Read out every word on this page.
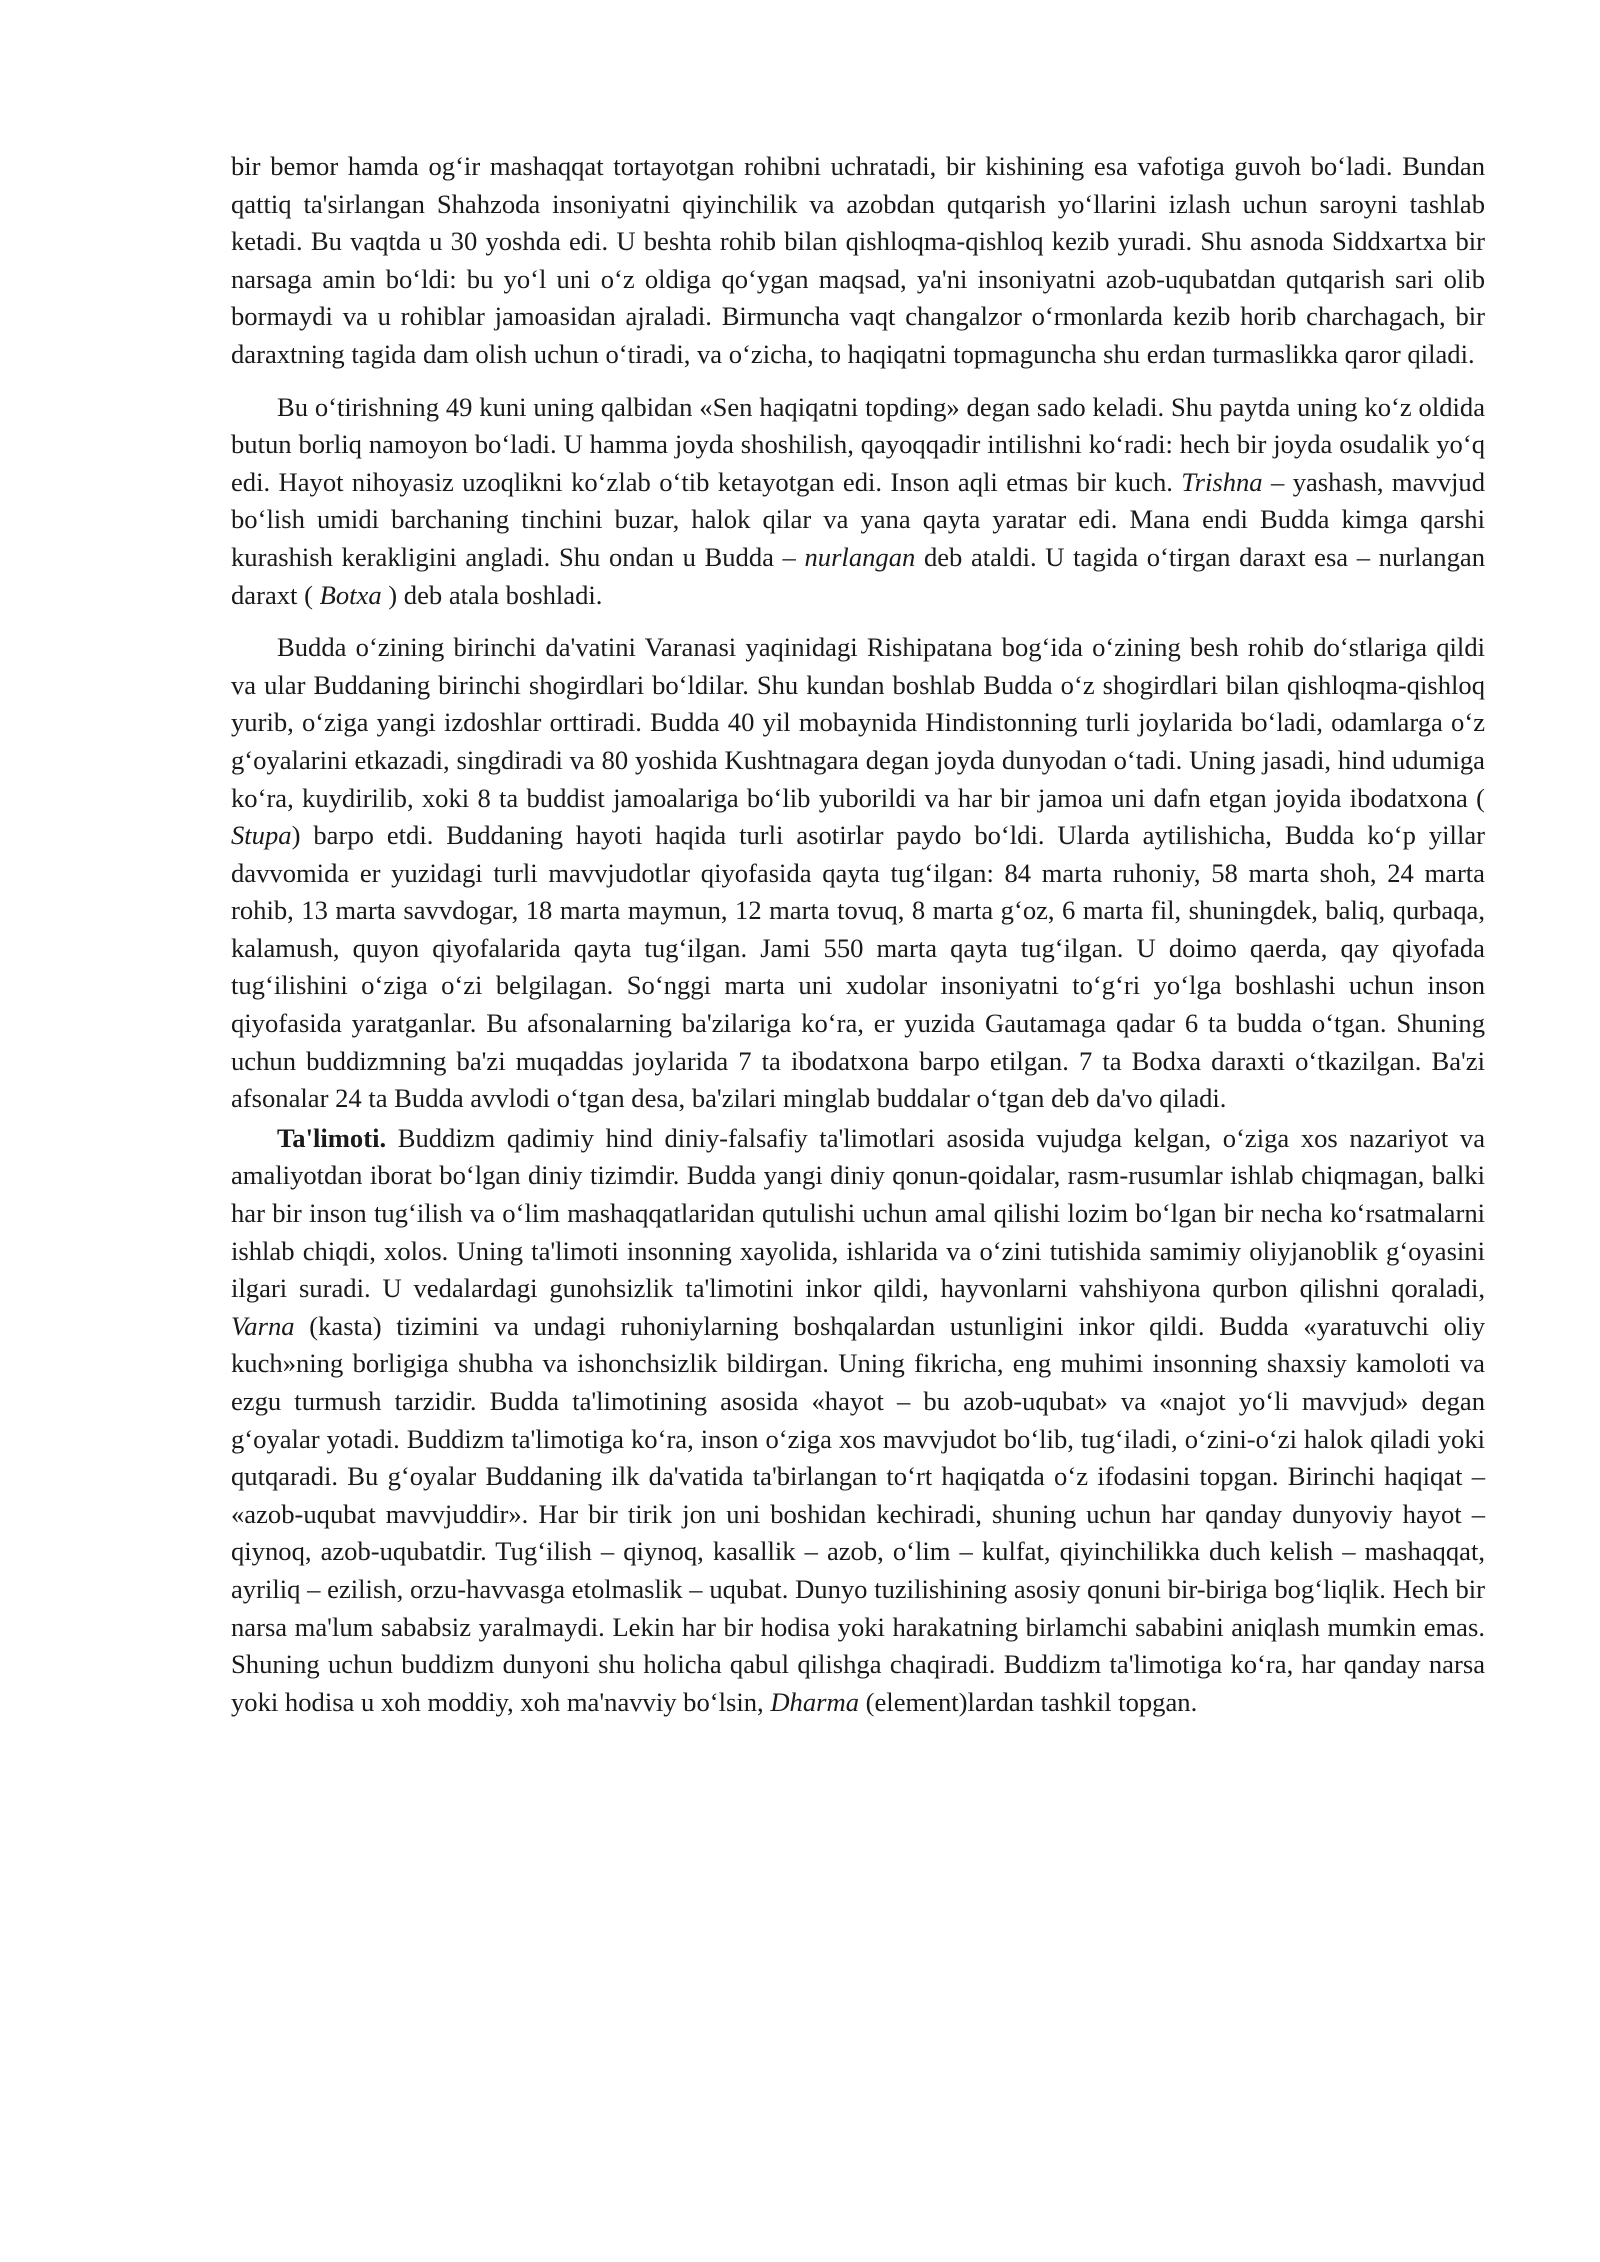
bir bemor hamda og‘ir mashaqqat tortayotgan rohibni uchratadi, bir kishining esa vafotiga guvoh bo‘ladi. Bundan qattiq ta'sirlangan Shahzoda insoniyatni qiyinchilik va azobdan qutqarish yo‘llarini izlash uchun saroyni tashlab ketadi. Bu vaqtda u 30 yoshda edi. U beshta rohib bilan qishloqma-qishloq kezib yuradi. Shu asnoda Siddxartxa bir narsaga amin bo‘ldi: bu yo‘l uni o‘z oldiga qo‘ygan maqsad, ya'ni insoniyatni azob-uqubatdan qutqarish sari olib bormaydi va u rohiblar jamoasidan ajraladi. Birmuncha vaqt changalzor o‘rmonlarda kezib horib charchagach, bir daraxtning tagida dam olish uchun o‘tiradi, va o‘zicha, to haqiqatni topmaguncha shu erdan turmaslikka qaror qiladi.

Bu o‘tirishning 49 kuni uning qalbidan «Sen haqiqatni topding» degan sado keladi. Shu paytda uning ko‘z oldida butun borliq namoyon bo‘ladi. U hamma joyda shoshilish, qayoqqadir intilishni ko‘radi: hech bir joyda osudalik yo‘q edi. Hayot nihoyasiz uzoqlikni ko‘zlab o‘tib ketayotgan edi. Inson aqli etmas bir kuch. Trishna – yashash, mavvjud bo‘lish umidi barchaning tinchini buzar, halok qilar va yana qayta yaratar edi. Mana endi Budda kimga qarshi kurashish kerakligini angladi. Shu ondan u Budda – nurlangan deb ataldi. U tagida o‘tirgan daraxt esa – nurlangan daraxt ( Botxa ) deb atala boshladi.

Budda o‘zining birinchi da'vatini Varanasi yaqinidagi Rishipatana bog‘ida o‘zining besh rohib do‘stlariga qildi va ular Buddaning birinchi shogirdlari bo‘ldilar. Shu kundan boshlab Budda o‘z shogirdlari bilan qishloqma-qishloq yurib, o‘ziga yangi izdoshlar orttiradi. Budda 40 yil mobaynida Hindistonning turli joylarida bo‘ladi, odamlarga o‘z g‘oyalarini etkazadi, singdiradi va 80 yoshida Kushtnagara degan joyda dunyodan o‘tadi. Uning jasadi, hind udumiga ko‘ra, kuydirilib, xoki 8 ta buddist jamoalariga bo‘lib yuborildi va har bir jamoa uni dafn etgan joyida ibodatxona ( Stupa) barpo etdi. Buddaning hayoti haqida turli asotirlar paydo bo‘ldi. Ularda aytilishicha, Budda ko‘p yillar davvomida er yuzidagi turli mavvjudotlar qiyofasida qayta tug‘ilgan: 84 marta ruhoniy, 58 marta shoh, 24 marta rohib, 13 marta savvdogar, 18 marta maymun, 12 marta tovuq, 8 marta g‘oz, 6 marta fil, shuningdek, baliq, qurbaqa, kalamush, quyon qiyofalarida qayta tug‘ilgan. Jami 550 marta qayta tug‘ilgan. U doimo qaerda, qay qiyofada tug‘ilishini o‘ziga o‘zi belgilagan. So‘nggi marta uni xudolar insoniyatni to‘g‘ri yo‘lga boshlashi uchun inson qiyofasida yaratganlar. Bu afsonalarning ba'zilariga ko‘ra, er yuzida Gautamaga qadar 6 ta budda o‘tgan. Shuning uchun buddizmning ba'zi muqaddas joylarida 7 ta ibodatxona barpo etilgan. 7 ta Bodxa daraxti o‘tkazilgan. Ba'zi afsonalar 24 ta Budda avvlodi o‘tgan desa, ba'zilari minglab buddalar o‘tgan deb da'vo qiladi.

Ta'limoti. Buddizm qadimiy hind diniy-falsafiy ta'limotlari asosida vujudga kelgan, o‘ziga xos nazariyot va amaliyotdan iborat bo‘lgan diniy tizimdir. Budda yangi diniy qonun-qoidalar, rasm-rusumlar ishlab chiqmagan, balki har bir inson tug‘ilish va o‘lim mashaqqatlaridan qutulishi uchun amal qilishi lozim bo‘lgan bir necha ko‘rsatmalarni ishlab chiqdi, xolos. Uning ta'limoti insonning xayolida, ishlarida va o‘zini tutishida samimiy oliyjanoblik g‘oyasini ilgari suradi. U vedalardagi gunohsizlik ta'limotini inkor qildi, hayvonlarni vahshiyona qurbon qilishni qoraladi, Varna (kasta) tizimini va undagi ruhoniylarning boshqalardan ustunligini inkor qildi. Budda «yaratuvchi oliy kuch»ning borligiga shubha va ishonchsizlik bildirgan. Uning fikricha, eng muhimi insonning shaxsiy kamoloti va ezgu turmush tarzidir. Budda ta'limotining asosida «hayot – bu azob-uqubat» va «najot yo‘li mavvjud» degan g‘oyalar yotadi. Buddizm ta'limotiga ko‘ra, inson o‘ziga xos mavvjudot bo‘lib, tug‘iladi, o‘zini-o‘zi halok qiladi yoki qutqaradi. Bu g‘oyalar Buddaning ilk da'vatida ta'birlangan to‘rt haqiqatda o‘z ifodasini topgan. Birinchi haqiqat – «azob-uqubat mavvjuddir». Har bir tirik jon uni boshidan kechiradi, shuning uchun har qanday dunyoviy hayot – qiynoq, azob-uqubatdir. Tug‘ilish – qiynoq, kasallik – azob, o‘lim – kulfat, qiyinchilikka duch kelish – mashaqqat, ayriliq – ezilish, orzu-havvasga etolmaslik – uqubat. Dunyo tuzilishining asosiy qonuni bir-biriga bog‘liqlik. Hech bir narsa ma'lum sababsiz yaralmaydi. Lekin har bir hodisa yoki harakatning birlamchi sababini aniqlash mumkin emas. Shuning uchun buddizm dunyoni shu holicha qabul qilishga chaqiradi. Buddizm ta'limotiga ko‘ra, har qanday narsa yoki hodisa u xoh moddiy, xoh ma'navviy bo‘lsin, Dharma (element)lardan tashkil topgan.
